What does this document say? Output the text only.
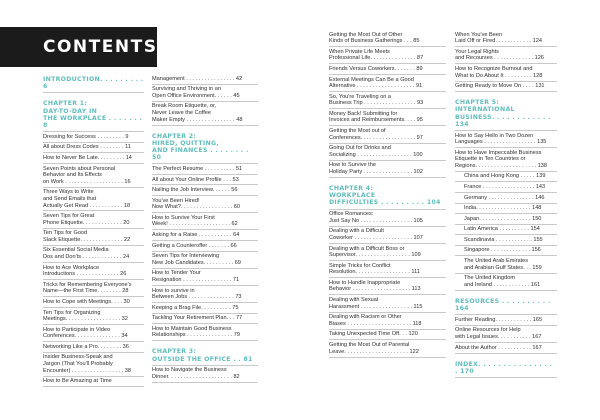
CONTENTS
INTRODUCTION. . . . . . . . . 6
CHAPTER 1:
DAY-TO-DAY IN
THE WORKPLACE . . . . . . . 8
Dressing for Success . . . . . . . . . 9
All about Dress Codes . . . . . . . . 11
How to Never Be Late. . . . . . . . . 14
Seven Points about Personal
Behavior and Its Effects
on Work . . . . . . . . . . . . . . . . . . . 16
Three Ways to Write
and Send Emails that
Actually Get Read . . . . . . . . . . . 18
Seven Tips for Great
Phone Etiquette. . . . . . . . . . . . . 20
Ten Tips for Good
Slack Etiquette. . . . . . . . . . . . . . 22
Six Essential Social Media
Dos and Don'ts . . . . . . . . . . . . . 24
How to Ace Workplace
Introductions . . . . . . . . . . . . . . 26
Tricks for Remembering Everyone's
Name—the First Time. . . . . . . . 28
How to Cope with Meetings. . . . 30
Ten Tips for Organizing
Meetings. . . . . . . . . . . . . . . . . . 32
How to Participate in Video
Conferences. . . . . . . . . . . . . . . 34
Networking Like a Pro. . . . . . . . 36
Insider Business-Speak and
Jargon (That You'll Probably
Encounter) . . . . . . . . . . . . . . . . . 38
How to Be Amazing at Time
Management . . . . . . . . . . . . . . . . 42
Surviving and Thriving in an
Open Office Environment. . . . . . 45
Break Room Etiquette, or,
Never Leave the Coffee
Maker Empty . . . . . . . . . . . . . . . . 48
CHAPTER 2:
HIRED, QUITTING,
AND FINANCES . . . . . . . . 50
The Perfect Resume . . . . . . . . . . 51
All about Your Online Profile . . . 53
Nailing the Job Interview. . . . . . 56
You've Been Hired!
Now What?. . . . . . . . . . . . . . . . . 60
How to Survive Your First
Week! . . . . . . . . . . . . . . . . . . . . 62
Asking for a Raise . . . . . . . . . . . 64
Getting a Counteroffer . . . . . . . 66
Seven Tips for Interviewing
New Job Candidates. . . . . . . . . . 69
How to Tender Your
Resignation . . . . . . . . . . . . . . . . 71
How to survive in
Between Jobs . . . . . . . . . . . . . . . 73
Keeping a Brag File. . . . . . . . . . 75
Tackling Your Retirement Plan. . . 77
How to Maintain Good Business
Relationships . . . . . . . . . . . . . . . 79
CHAPTER 3:
OUTSIDE THE OFFICE . . 81
How to Navigate the Business
Dinner. . . . . . . . . . . . . . . . . . . . . 82
Getting the Most Out of Other
Kinds of Business Gatherings . . . 85
When Private Life Meets
Professional Life. . . . . . . . . . . . . . . 87
Friends Versus Coworkers. . . . . . . 89
External Meetings Can Be a Good
Alternative . . . . . . . . . . . . . . . . . . . 91
So, You're Traveling on a
Business Trip . . . . . . . . . . . . . . . . . 93
Money Back! Submitting for
Invoices and Reimbursements. . . . 95
Getting the Most out of
Conferences. . . . . . . . . . . . . . . . . . 97
Going Out for Drinks and
Socializing . . . . . . . . . . . . . . . . . . 100
How to Survive the
Holiday Party . . . . . . . . . . . . . . . . 102
CHAPTER 4:
WORKPLACE
DIFFICULTIES . . . . . . . . . 104
Office Romances:
Just Say No . . . . . . . . . . . . . . . . . 105
Dealing with a Difficult
Coworker . . . . . . . . . . . . . . . . . . . 107
Dealing with a Difficult Boss or
Supervisor. . . . . . . . . . . . . . . . . . 109
Simple Tricks for Conflict
Resolution. . . . . . . . . . . . . . . . . . 111
How to Handle Inappropriate
Behavior . . . . . . . . . . . . . . . . . . . 113
Dealing with Sexual
Harassment . . . . . . . . . . . . . . . . . 115
Dealing with Racism or Other
Biases . . . . . . . . . . . . . . . . . . . . . 118
Taking Unexpected Time Off. . . 120
Getting the Most Out of Parental
Leave. . . . . . . . . . . . . . . . . . . . . 122
When You've Been
Laid Off or Fired. . . . . . . . . . . . 124
Your Legal Rights
and Recourses . . . . . . . . . . . . . 126
How to Recognize Burnout and
What to Do About It . . . . . . . . . 128
Getting Ready to Move On . . . . 131
CHAPTER 5:
INTERNATIONAL
BUSINESS. . . . . . . . . . . . 134
How to Say Hello in Two Dozen
Languages . . . . . . . . . . . . . . . . . 135
How to Have Impeccable Business
Etiquette in Ten Countries or
Regions. . . . . . . . . . . . . . . . . . . . 138
China and Hong Kong . . . . . 139
France . . . . . . . . . . . . . . . . . 143
Germany . . . . . . . . . . . . . . . 146
India. . . . . . . . . . . . . . . . . . 148
Japan. . . . . . . . . . . . . . . . . 150
Latin America . . . . . . . . . . 154
Scandinavia . . . . . . . . . . . . 155
Singapore . . . . . . . . . . . . . 156
The United Arab Emirates
and Arabian Gulf States. . . 159
The United Kingdom
and Ireland . . . . . . . . . . . . 161
RESOURCES . . . . . . . . . . 164
Further Reading. . . . . . . . . . . . 165
Online Resources for Help
with Legal Issues. . . . . . . . . . . 167
About the Author . . . . . . . . . . . 167
INDEX. . . . . . . . . . . . . . . . 170
